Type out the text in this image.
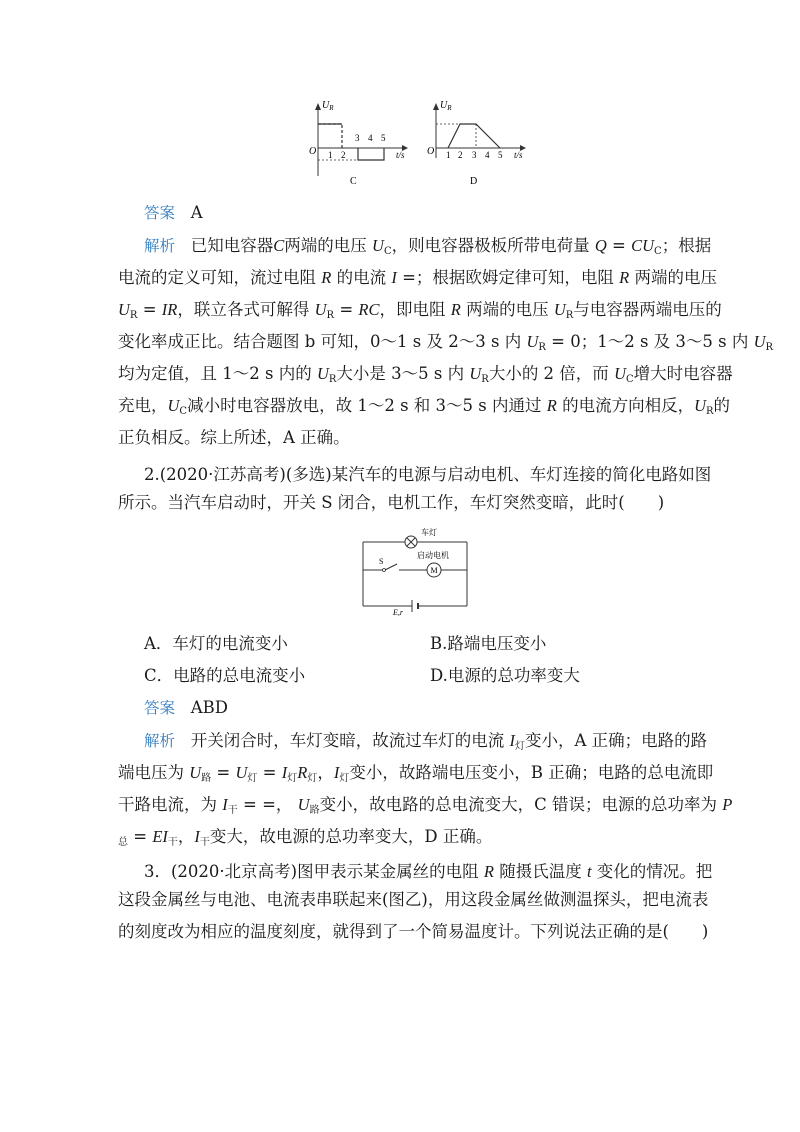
$U_R$
O 1 2
3 4 5
t/s
C
$U_R$
O 1 2 3 4 5 t/s
D
答案 A
解析 已知电容器C两端的电压 $U_C$，则电容器极板所带电荷量 $Q = CU_C$；根据
电流的定义可知，流过电阻 R 的电流 I =；根据欧姆定律可知，电阻 R 两端的电压
$U_R$ = IR，联立各式可解得 $U_R$ = RC，即电阻 R 两端的电压 $U_R$与电容器两端电压的
变化率成正比。结合题图 b 可知，0～1 s 及 2～3 s 内 $U_R = 0$；1～2 s 及 3～5 s 内 $U_R$
均为定值，且 1～2 s 内的 $U_R$大小是 3～5 s 内 $U_R$大小的 2 倍，而 $U_C$增大时电容器
充电，$U_C$减小时电容器放电，故 1～2 s 和 3～5 s 内通过 R 的电流方向相反，$U_R$的
正负相反。综上所述，A 正确。
2.(2020·江苏高考)(多选)某汽车的电源与启动电机、车灯连接的简化电路如图
所示。当汽车启动时，开关 S 闭合，电机工作，车灯突然变暗，此时(　　)
车灯
S
M
启动电机
E,r
A．车灯的电流变小	B.路端电压变小
C．电路的总电流变小	D.电源的总功率变大
答案 ABD
解析 开关闭合时，车灯变暗，故流过车灯的电流 $I_灯$变小，A 正确；电路的路
端电压为 $U_路 = U_灯 = I_灯R_灯$，$I_灯$变小，故路端电压变小，B 正确；电路的总电流即
干路电流，为 $I_干$ = =， $U_路$变小，故电路的总电流变大，C 错误；电源的总功率为 P
$_总 = EI_干$，$I_干$变大，故电源的总功率变大，D 正确。
3．(2020·北京高考)图甲表示某金属丝的电阻 R 随摄氏温度 t 变化的情况。把
这段金属丝与电池、电流表串联起来(图乙)，用这段金属丝做测温探头，把电流表
的刻度改为相应的温度刻度，就得到了一个简易温度计。下列说法正确的是(　　)
